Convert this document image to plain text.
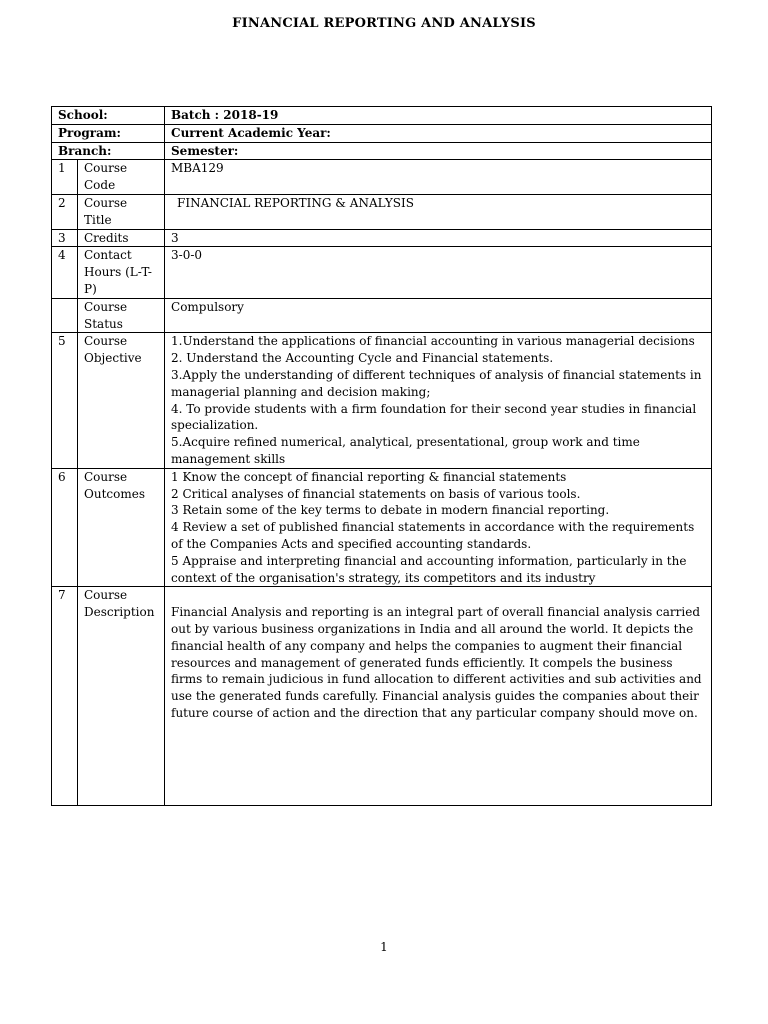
FINANCIAL REPORTING AND ANALYSIS
School:		Batch : 2018-19
Program:		Current Academic Year:
Branch:		Semester:
1	Course Code	MBA129
2	Course Title	FINANCIAL REPORTING & ANALYSIS
3	Credits	3
4	Contact Hours (L-T-P)	3-0-0
	Course Status	Compulsory
5	Course Objective	1.Understand the applications of financial accounting in various managerial decisions
2. Understand the Accounting Cycle and Financial statements.
3.Apply the understanding of different techniques of analysis of financial statements in managerial planning and decision making;
4. To provide students with a firm foundation for their second year studies in financial specialization.
5.Acquire refined numerical, analytical, presentational, group work and time management skills

6	Course Outcomes	1 Know the concept of financial reporting & financial statements
2 Critical analyses of financial statements on basis of various tools.
3 Retain some of the key terms to debate in modern financial reporting.
4 Review a set of published financial statements in accordance with the requirements of the Companies Acts and specified accounting standards.
5 Appraise and interpreting financial and accounting information, particularly in the context of the organisation's strategy, its competitors and its industry

7	Course Description	Financial Analysis and reporting is an integral part of overall financial analysis carried out by various business organizations in India and all around the world. It depicts the financial health of any company and helps the companies to augment their financial resources and management of generated funds efficiently. It compels the business firms to remain judicious in fund allocation to different activities and sub activities and use the generated funds carefully. Financial analysis guides the companies about their future course of action and the direction that any particular company should move on.
1
